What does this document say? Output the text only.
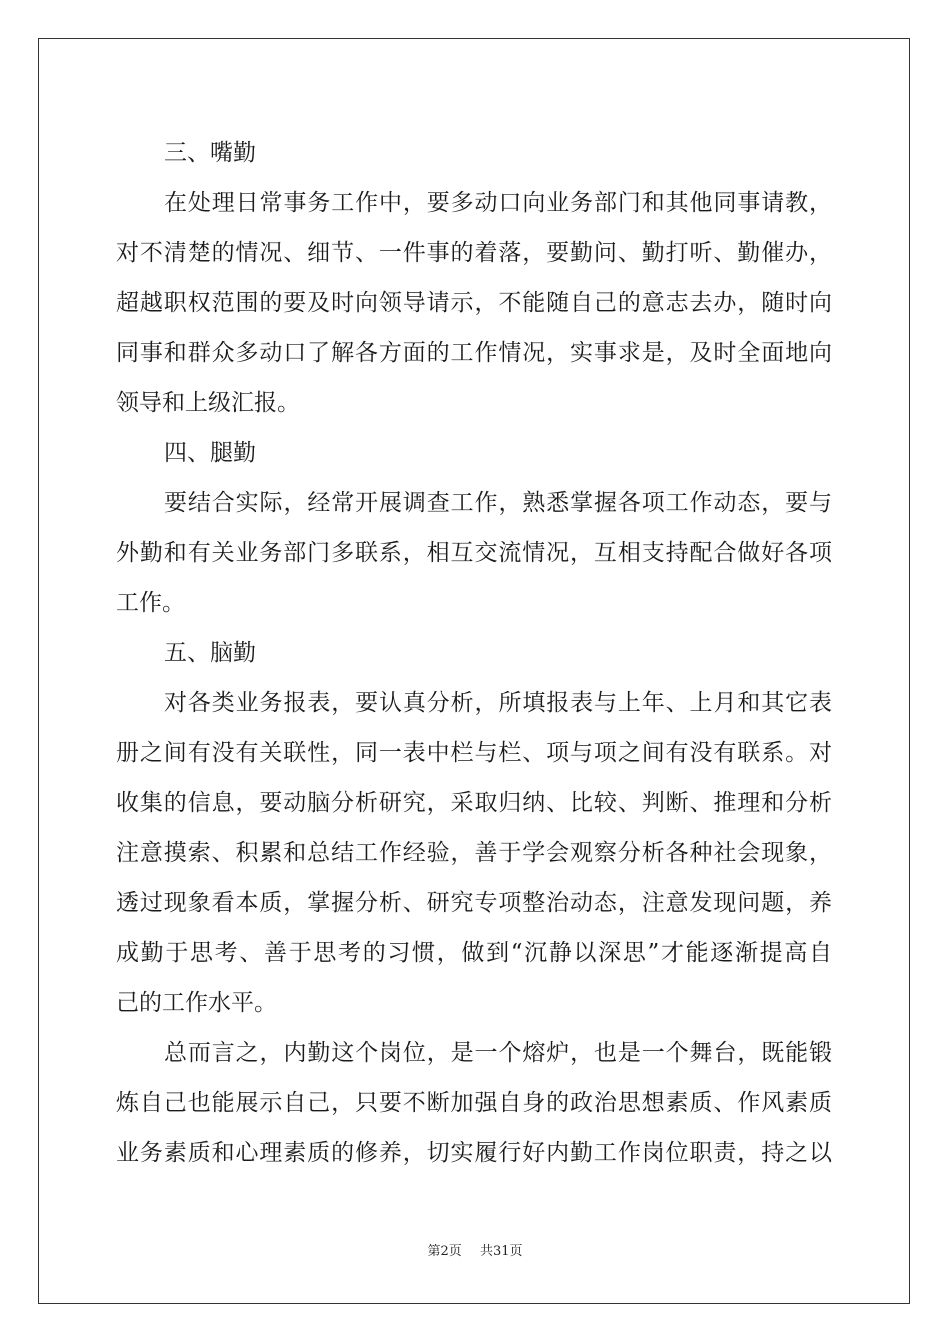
三、嘴勤
在处理日常事务工作中，要多动口向业务部门和其他同事请教，
对不清楚的情况、细节、一件事的着落，要勤问、勤打听、勤催办，
超越职权范围的要及时向领导请示，不能随自己的意志去办，随时向
同事和群众多动口了解各方面的工作情况，实事求是，及时全面地向
领导和上级汇报。
四、腿勤
要结合实际，经常开展调查工作，熟悉掌握各项工作动态，要与
外勤和有关业务部门多联系，相互交流情况，互相支持配合做好各项
工作。
五、脑勤
对各类业务报表，要认真分析，所填报表与上年、上月和其它表
册之间有没有关联性，同一表中栏与栏、项与项之间有没有联系。对
收集的信息，要动脑分析研究，采取归纳、比较、判断、推理和分析
注意摸索、积累和总结工作经验，善于学会观察分析各种社会现象，
透过现象看本质，掌握分析、研究专项整治动态，注意发现问题，养
成勤于思考、善于思考的习惯，做到“沉静以深思”才能逐渐提高自
己的工作水平。
总而言之，内勤这个岗位，是一个熔炉，也是一个舞台，既能锻
炼自己也能展示自己，只要不断加强自身的政治思想素质、作风素质
业务素质和心理素质的修养，切实履行好内勤工作岗位职责，持之以
第2页 共31页
